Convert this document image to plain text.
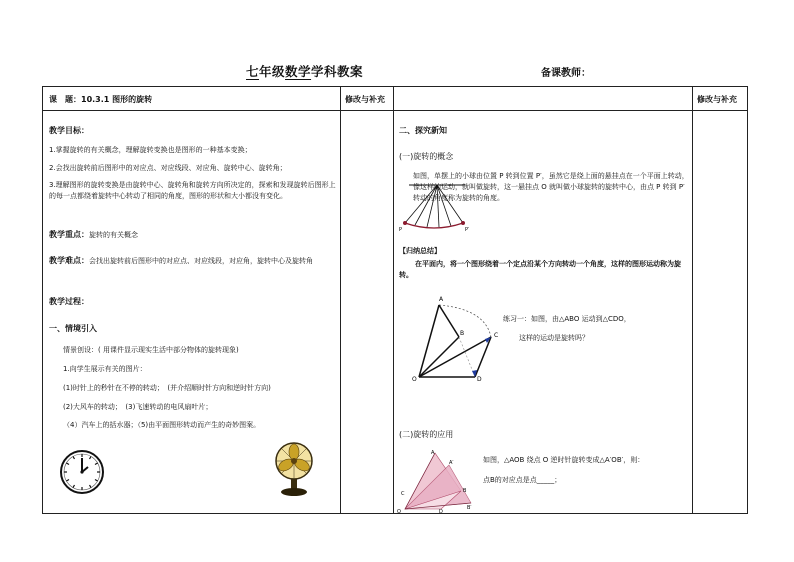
七年级数学学科教案	备课教师：
课　题：10.3.1 图形的旋转	修改与补充	修改与补充
教学目标：
1.掌握旋转的有关概念，理解旋转变换也是图形的一种基本变换；
2.会找出旋转前后图形中的对应点、对应线段、对应角、旋转中心、旋转角；
3.理解图形的旋转变换是由旋转中心、旋转角和旋转方向所决定的，探索和发现旋转后图形上的每一点都绕着旋转中心转动了相同的角度，图形的形状和大小都没有变化。
教学重点：旋转的有关概念
教学难点：会找出旋转前后图形中的对应点、对应线段，对应角，旋转中心及旋转角
教学过程：
一、情境引入
情景创设：( 用课件显示现实生活中部分物体的旋转现象)
1.向学生展示有关的图片：
(1)时针上的秒针在不停的转动；　(并介绍顺时针方向和逆时针方向)
(2)大风车的转动；　(3)飞速转动的电风扇叶片；
（4）汽车上的括水器；（5)由平面图形转动而产生的奇妙图案。
二、探究新知
(一)旋转的概念
P	P′
如图，单摆上的小球由位置 P 转到位置 P′，虽然它是绕上面的悬挂点在一个平面上转动，像这样的运动，就叫做旋转，这一悬挂点 O 就叫做小球旋转的旋转中心，由点 P 转到 P′ 转动的角度称为旋转的角度。
【归纳总结】
在平面内，将一个图形绕着一个定点沿某个方向转动一个角度，这样的图形运动称为旋转。
A
B	C
O	D
练习一：如图，由△ABO 运动到△CDO，
这样的运动是旋转吗？
(二)旋转的应用
A
A′
B
B′
C
O	D
如图，△AOB 绕点 O 逆时针旋转变成△A′OB′，则：
点B的对应点是点_____；
